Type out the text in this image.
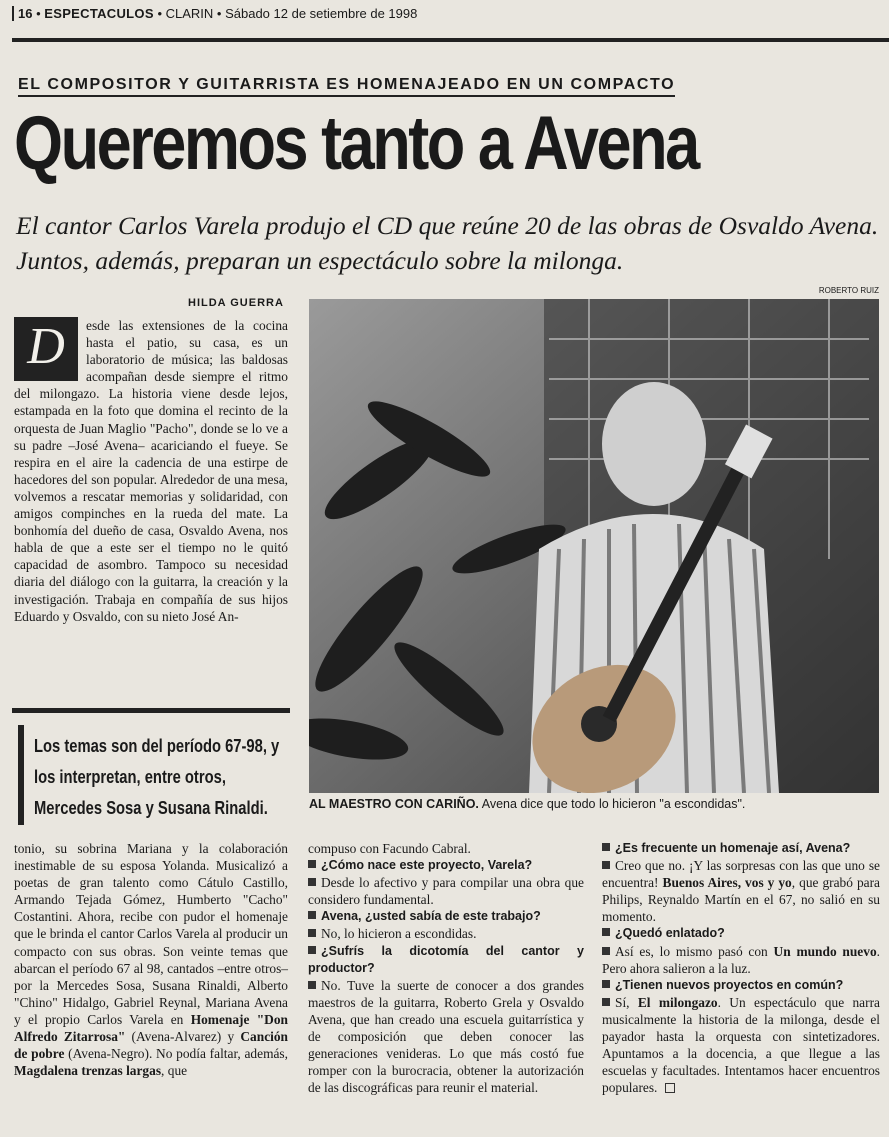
16 • ESPECTACULOS • CLARIN • Sábado 12 de setiembre de 1998
EL COMPOSITOR Y GUITARRISTA ES HOMENAJEADO EN UN COMPACTO
Queremos tanto a Avena
El cantor Carlos Varela produjo el CD que reúne 20 de las obras de Osvaldo Avena. Juntos, además, preparan un espectáculo sobre la milonga.
HILDA GUERRA
ROBERTO RUIZ
D	esde las extensiones de la cocina hasta el patio, su casa, es un laboratorio de música; las baldosas acompañan desde siempre el ritmo del milongazo. La historia viene desde lejos, estampada en la foto que domina el recinto de la orquesta de Juan Maglio "Pacho", donde se lo ve a su padre –José Avena– acariciando el fueye. Se respira en el aire la cadencia de una estirpe de hacedores del son popular. Alrededor de una mesa, volvemos a rescatar memorias y solidaridad, con amigos compinches en la rueda del mate. La bonhomía del dueño de casa, Osvaldo Avena, nos habla de que a este ser el tiempo no le quitó capacidad de asombro. Tampoco su necesidad diaria del diálogo con la guitarra, la creación y la investigación. Trabaja en compañía de sus hijos Eduardo y Osvaldo, con su nieto José An-
Los temas son del período 67-98, y
los interpretan, entre otros,
Mercedes Sosa y Susana Rinaldi.	AL MAESTRO CON CARIÑO. Avena dice que todo lo hicieron "a escondidas".
tonio, su sobrina Mariana y la colaboración inestimable de su esposa Yolanda. Musicalizó a poetas de gran talento como Cátulo Castillo, Armando Tejada Gómez, Humberto "Cacho" Costantini. Ahora, recibe con pudor el homenaje que le brinda el cantor Carlos Varela al producir un compacto con sus obras. Son veinte temas que abarcan el período 67 al 98, cantados –entre otros– por la Mercedes Sosa, Susana Rinaldi, Alberto "Chino" Hidalgo, Gabriel Reynal, Mariana Avena y el propio Carlos Varela en Homenaje "Don Alfredo Zitarrosa" (Avena-Alvarez) y Canción de pobre (Avena-Negro). No podía faltar, además, Magdalena trenzas largas, que

compuso con Facundo Cabral.

¿Cómo nace este proyecto, Varela?

Desde lo afectivo y para compilar una obra que considero fundamental.

Avena, ¿usted sabía de este trabajo?

No, lo hicieron a escondidas.

¿Sufrís la dicotomía del cantor y productor?

No. Tuve la suerte de conocer a dos grandes maestros de la guitarra, Roberto Grela y Osvaldo Avena, que han creado una escuela guitarrística y de composición que deben conocer las generaciones venideras. Lo que más costó fue romper con la burocracia, obtener la autorización de las discográficas para reunir el material.

¿Es frecuente un homenaje así, Avena?

Creo que no. ¡Y las sorpresas con las que uno se encuentra! Buenos Aires, vos y yo, que grabó para Philips, Reynaldo Martín en el 67, no salió en su momento.

¿Quedó enlatado?

Así es, lo mismo pasó con Un mundo nuevo. Pero ahora salieron a la luz.

¿Tienen nuevos proyectos en común?

Sí, El milongazo. Un espectáculo que narra musicalmente la historia de la milonga, desde el payador hasta la orquesta con sintetizadores. Apuntamos a la docencia, a que llegue a las escuelas y facultades. Intentamos hacer encuentros populares.
